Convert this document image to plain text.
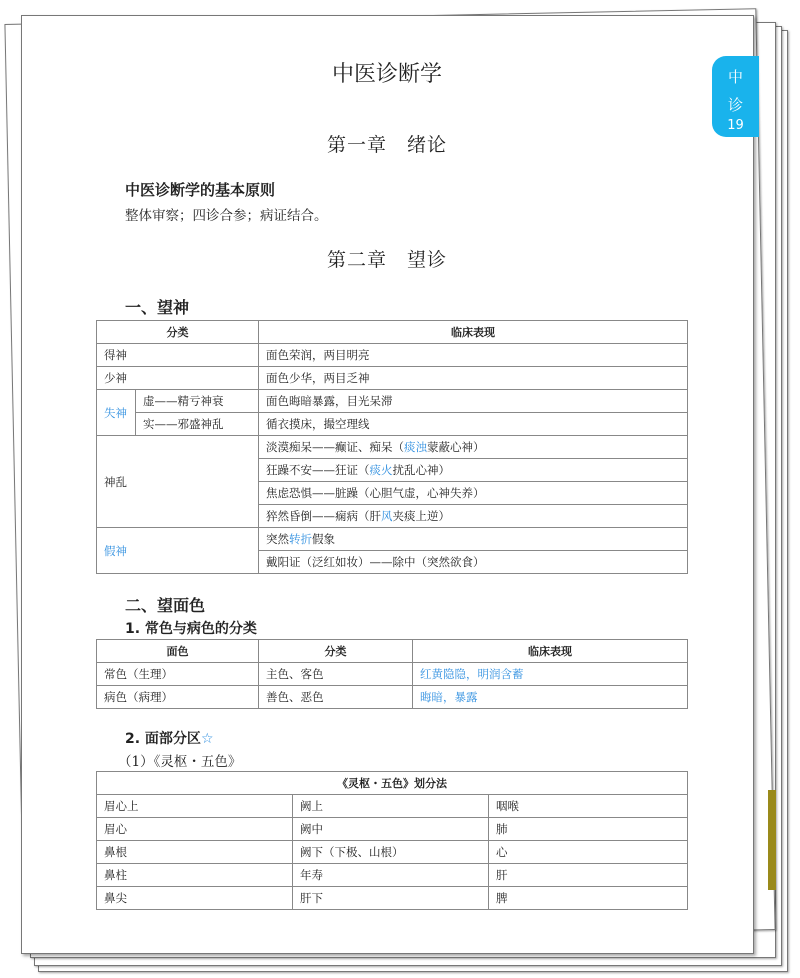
中
诊
19
中医诊断学
第一章　绪论
中医诊断学的基本原则
整体审察；四诊合参；病证结合。
第二章　望诊
一、望神
分类		临床表现
得神		面色荣润，两目明亮
少神		面色少华，两目乏神
失神	虚——精亏神衰	面色晦暗暴露，目光呆滞
	实——邪盛神乱	循衣摸床，撮空理线
神乱		淡漠痴呆——癫证、痴呆（痰浊蒙蔽心神）
		狂躁不安——狂证（痰火扰乱心神）
		焦虑恐惧——脏躁（心胆气虚，心神失养）
		猝然昏倒——痫病（肝风夹痰上逆）
假神		突然转折假象
		戴阳证（泛红如妆）——除中（突然欲食）
二、望面色
1. 常色与病色的分类
面色	分类	临床表现
常色（生理）	主色、客色	红黄隐隐，明润含蓄
病色（病理）	善色、恶色	晦暗，暴露
2. 面部分区☆
（1）《灵枢・五色》
《灵枢・五色》划分法		
眉心上	阙上	咽喉
眉心	阙中	肺
鼻根	阙下（下极、山根）	心
鼻柱	年寿	肝
鼻尖	肝下	脾
